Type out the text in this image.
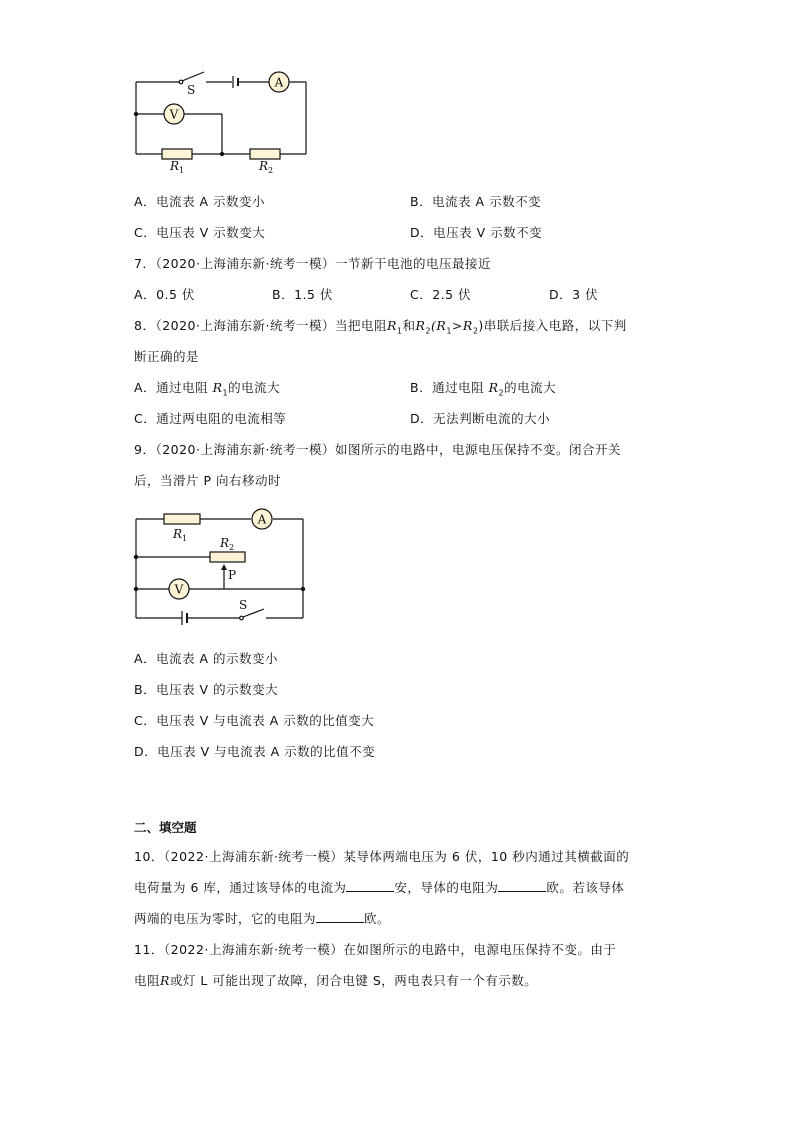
A
V
S
$R_1$	$R_2$
A．电流表 A 示数变小	B．电流表 A 示数不变
C．电压表 V 示数变大	D．电压表 V 示数不变
7．（2020·上海浦东新·统考一模）一节新干电池的电压最接近
A．0.5 伏	B．1.5 伏	C．2.5 伏	D．3 伏
8．（2020·上海浦东新·统考一模）当把电阻$R_1$和$R_2(R_1>R_2)$串联后接入电路，以下判
断正确的是
A．通过电阻 $R_1$的电流大	B．通过电阻 $R_2$的电流大
C．通过两电阻的电流相等	D．无法判断电流的大小
9．（2020·上海浦东新·统考一模）如图所示的电路中，电源电压保持不变。闭合开关
后，当滑片 P 向右移动时
A
V
$R_1$	$R_2$
P
S
A．电流表 A 的示数变小
B．电压表 V 的示数变大
C．电压表 V 与电流表 A 示数的比值变大
D．电压表 V 与电流表 A 示数的比值不变
二、填空题
10．（2022·上海浦东新·统考一模）某导体两端电压为 6 伏，10 秒内通过其横截面的
电荷量为 6 库，通过该导体的电流为	安，导体的电阻为	欧。若该导体
两端的电压为零时，它的电阻为	欧。
11．（2022·上海浦东新·统考一模）在如图所示的电路中，电源电压保持不变。由于
电阻R或灯 L 可能出现了故障，闭合电键 S，两电表只有一个有示数。
